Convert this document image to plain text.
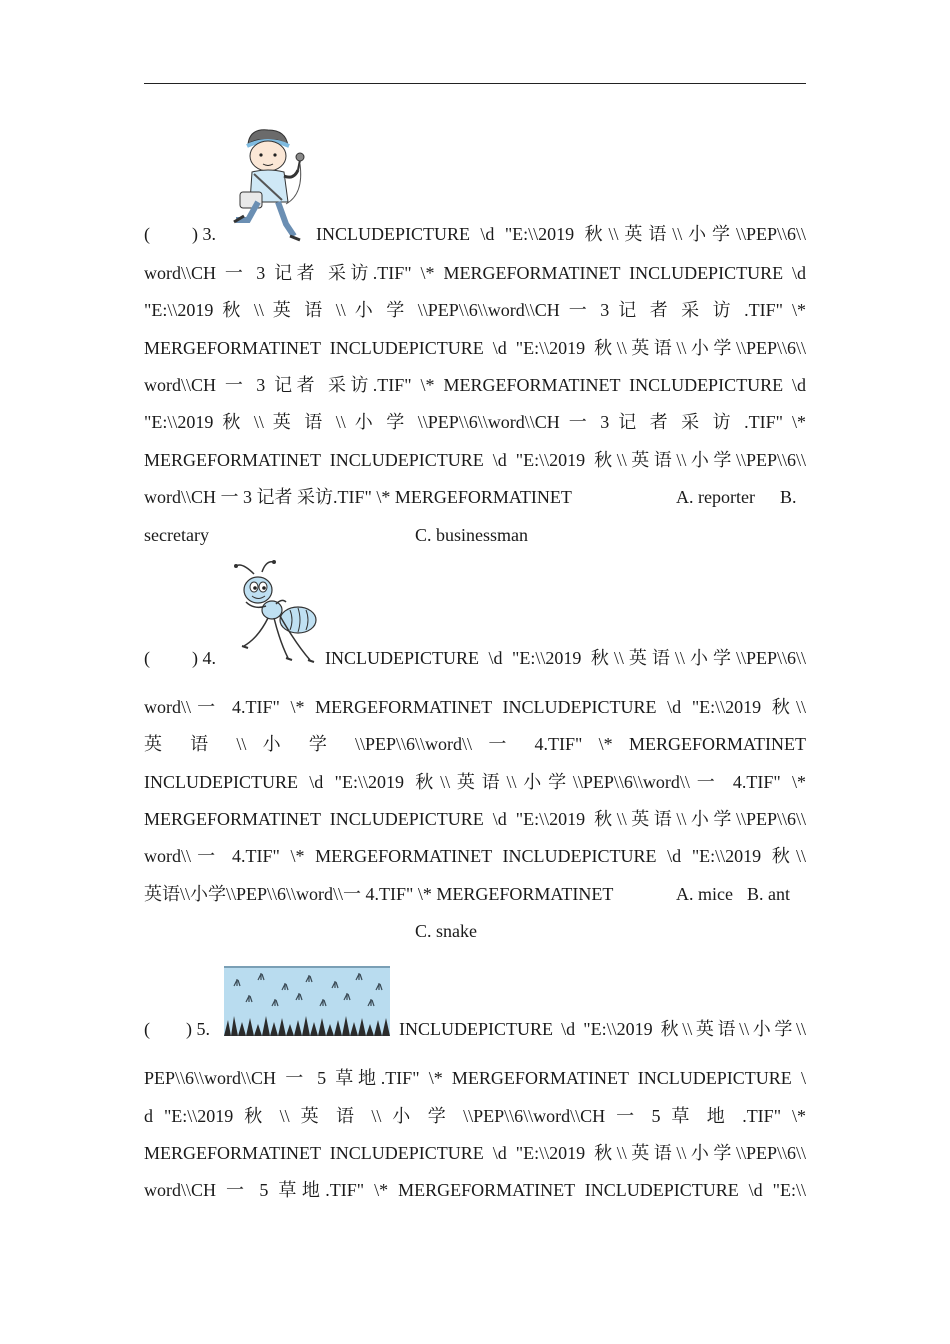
( ) 3.	INCLUDEPICTURE \d "E:\\2019 秋\\英语\\小学\\PEP\\6\\
word\\CH 一 3 记者 采访.TIF" \* MERGEFORMATINET INCLUDEPICTURE \d
"E:\\2019 秋 \\ 英 语 \\ 小 学 \\PEP\\6\\word\\CH 一 3 记 者 采 访 .TIF" \*
MERGEFORMATINET INCLUDEPICTURE \d "E:\\2019 秋\\英语\\小学\\PEP\\6\\
word\\CH 一 3 记者 采访.TIF" \* MERGEFORMATINET INCLUDEPICTURE \d
"E:\\2019 秋 \\ 英 语 \\ 小 学 \\PEP\\6\\word\\CH 一 3 记 者 采 访 .TIF" \*
MERGEFORMATINET INCLUDEPICTURE \d "E:\\2019 秋\\英语\\小学\\PEP\\6\\
word\\CH 一 3 记者 采访.TIF" \* MERGEFORMATINET	A. reporter B.
secretary	C. businessman
( ) 4.	INCLUDEPICTURE \d "E:\\2019 秋\\英语\\小学\\PEP\\6\\
word\\一 4.TIF" \* MERGEFORMATINET INCLUDEPICTURE \d "E:\\2019 秋\\
英 语 \\ 小 学 \\PEP\\6\\word\\ 一 4.TIF" \* MERGEFORMATINET
INCLUDEPICTURE \d "E:\\2019 秋\\英语\\小学\\PEP\\6\\word\\一 4.TIF" \*
MERGEFORMATINET INCLUDEPICTURE \d "E:\\2019 秋\\英语\\小学\\PEP\\6\\
word\\一 4.TIF" \* MERGEFORMATINET INCLUDEPICTURE \d "E:\\2019 秋\\
英语\\小学\\PEP\\6\\word\\一 4.TIF" \* MERGEFORMATINET	A. mice B. ant
C. snake
( ) 5.	INCLUDEPICTURE \d "E:\\2019 秋\\英语\\小学\\
PEP\\6\\word\\CH 一 5 草地.TIF" \* MERGEFORMATINET INCLUDEPICTURE \
d "E:\\2019 秋 \\ 英 语 \\ 小 学 \\PEP\\6\\word\\CH 一 5 草 地 .TIF" \*
MERGEFORMATINET INCLUDEPICTURE \d "E:\\2019 秋\\英语\\小学\\PEP\\6\\
word\\CH 一 5 草地.TIF" \* MERGEFORMATINET INCLUDEPICTURE \d "E:\\
